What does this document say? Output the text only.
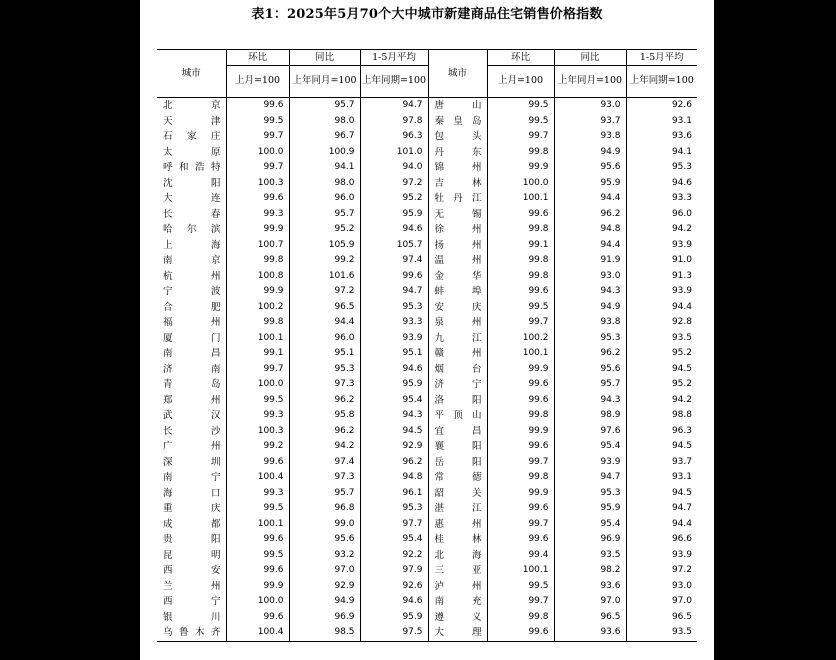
表1：2025年5月70个大中城市新建商品住宅销售价格指数
城市	环比	同比	1-5月平均	城市	环比	同比	1-5月平均
	上月=100	上年同月=100	上年同期=100		上月=100	上年同月=100	上年同期=100
北京	99.6	95.7	94.7	唐山	99.5	93.0	92.6
天津	99.5	98.0	97.8	秦皇岛	99.5	93.7	93.1
石家庄	99.7	96.7	96.3	包头	99.7	93.8	93.6
太原	100.0	100.9	101.0	丹东	99.8	94.9	94.1
呼和浩特	99.7	94.1	94.0	锦州	99.9	95.6	95.3
沈阳	100.3	98.0	97.2	吉林	100.0	95.9	94.6
大连	99.6	96.0	95.2	牡丹江	100.1	94.4	93.3
长春	99.3	95.7	95.9	无锡	99.6	96.2	96.0
哈尔滨	99.9	95.2	94.6	徐州	99.8	94.8	94.2
上海	100.7	105.9	105.7	扬州	99.1	94.4	93.9
南京	99.8	99.2	97.4	温州	99.8	91.9	91.0
杭州	100.8	101.6	99.6	金华	99.8	93.0	91.3
宁波	99.9	97.2	94.7	蚌埠	99.6	94.3	93.9
合肥	100.2	96.5	95.3	安庆	99.5	94.9	94.4
福州	99.8	94.4	93.3	泉州	99.7	93.8	92.8
厦门	100.1	96.0	93.9	九江	100.2	95.3	93.5
南昌	99.1	95.1	95.1	赣州	100.1	96.2	95.2
济南	99.7	95.3	94.6	烟台	99.9	95.6	94.5
青岛	100.0	97.3	95.9	济宁	99.6	95.7	95.2
郑州	99.5	96.2	95.4	洛阳	99.6	94.3	94.2
武汉	99.3	95.8	94.3	平顶山	99.8	98.9	98.8
长沙	100.3	96.2	94.5	宜昌	99.9	97.6	96.3
广州	99.2	94.2	92.9	襄阳	99.6	95.4	94.5
深圳	99.6	97.4	96.2	岳阳	99.7	93.9	93.7
南宁	100.4	97.3	94.8	常德	99.8	94.7	93.1
海口	99.3	95.7	96.1	韶关	99.9	95.3	94.5
重庆	99.5	96.8	95.3	湛江	99.6	95.9	94.7
成都	100.1	99.0	97.7	惠州	99.7	95.4	94.4
贵阳	99.6	95.6	95.4	桂林	99.6	96.9	96.6
昆明	99.5	93.2	92.2	北海	99.4	93.5	93.9
西安	99.6	97.0	97.9	三亚	100.1	98.2	97.2
兰州	99.9	92.9	92.6	泸州	99.5	93.6	93.0
西宁	100.0	94.9	94.6	南充	99.7	97.0	97.0
银川	99.6	96.9	95.9	遵义	99.8	96.5	96.5
乌鲁木齐	100.4	98.5	97.5	大理	99.6	93.6	93.5
